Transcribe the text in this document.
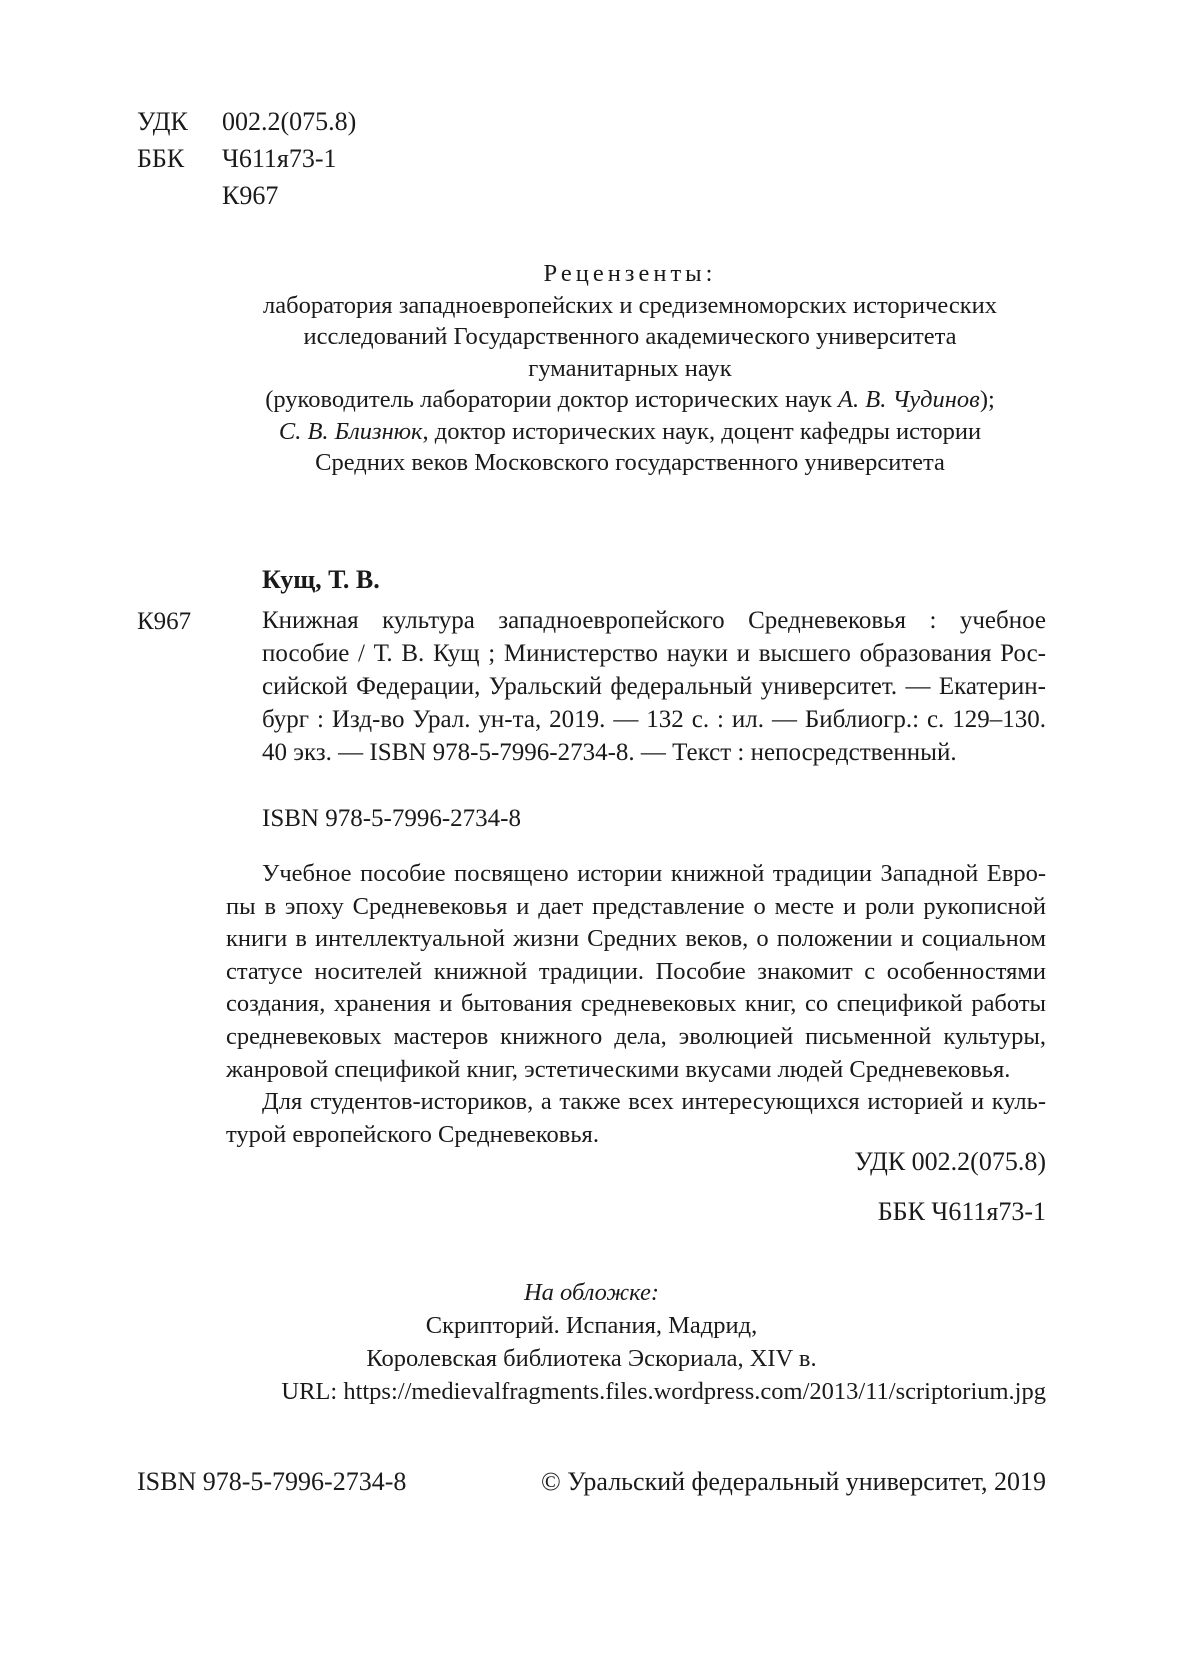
УДК 002.2(075.8)
ББК Ч611я73-1
К967

Рецензенты:

лаборатория западноевропейских и средиземноморских исторических

исследований Государственного академического университета

гуманитарных наук

(руководитель лаборатории доктор исторических наук А. В. Чудинов);

С. В. Близнюк, доктор исторических наук, доцент кафедры истории

Средних веков Московского государственного университета

Кущ, Т. В.
К967	Книжная культура западноевропейского Средневековья : учебное
пособие / Т. В. Кущ ; Министерство науки и высшего образования Рос-
сийской Федерации, Уральский федеральный университет. — Екатерин-
бург : Изд-во Урал. ун-та, 2019. — 132 с. : ил. — Библиогр.: с. 129–130.
40 экз. — ISBN 978-5-7996-2734-8. — Текст : непосредственный.
ISBN 978-5-7996-2734-8
Учебное пособие посвящено истории книжной традиции Западной Евро-
пы в эпоху Средневековья и дает представление о месте и роли рукописной
книги в интеллектуальной жизни Средних веков, о положении и социальном
статусе носителей книжной традиции. Пособие знакомит с особенностями
создания, хранения и бытования средневековых книг, со спецификой работы
средневековых мастеров книжного дела, эволюцией письменной культуры,
жанровой спецификой книг, эстетическими вкусами людей Средневековья.
Для студентов-историков, а также всех интересующихся историей и куль-
турой европейского Средневековья.
УДК 002.2(075.8)
ББК Ч611я73-1

На обложке:

Скрипторий. Испания, Мадрид,

Королевская библиотека Эскориала, XIV в.

URL: https://medievalfragments.files.wordpress.com/2013/11/scriptorium.jpg

ISBN 978-5-7996-2734-8	© Уральский федеральный университет, 2019
